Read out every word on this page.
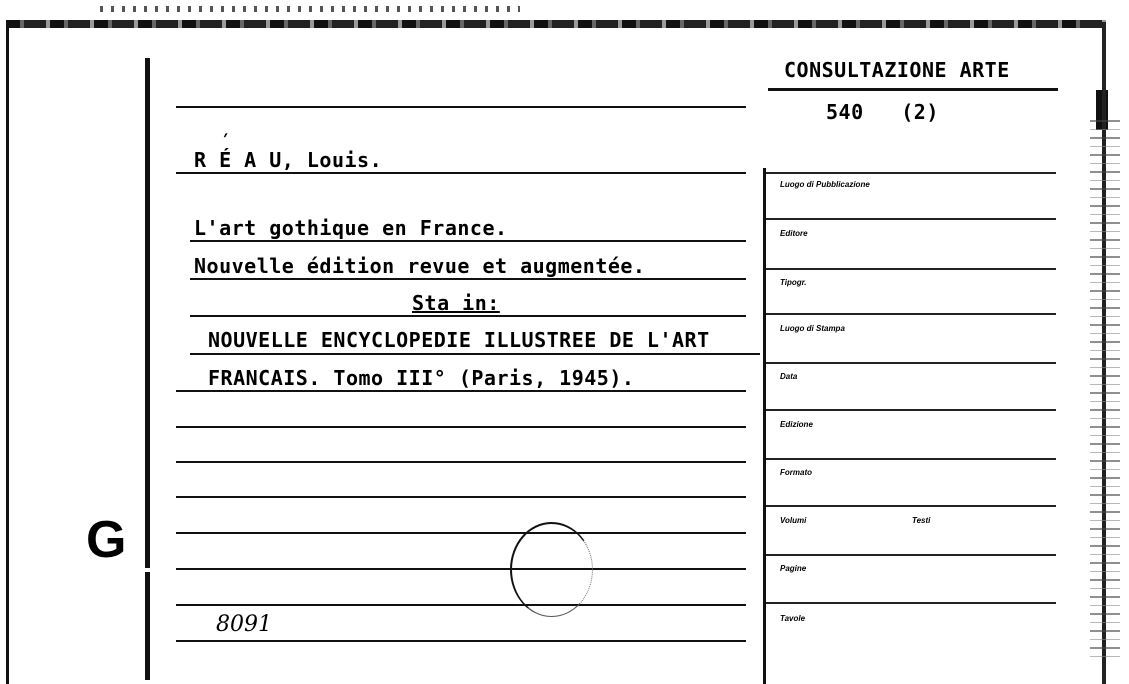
G
CONSULTAZIONE ARTE
540 (2)
´
R É A U, Louis.
L'art gothique en France.
Nouvelle édition revue et augmentée.
Sta in:
NOUVELLE ENCYCLOPEDIE ILLUSTREE DE L'ART
FRANCAIS. Tomo III° (Paris, 1945).
Luogo di Pubblicazione
Editore
Tipogr.
Luogo di Stampa
Data
Edizione
Formato
Volumi	Testi
Pagine
Tavole
8091
